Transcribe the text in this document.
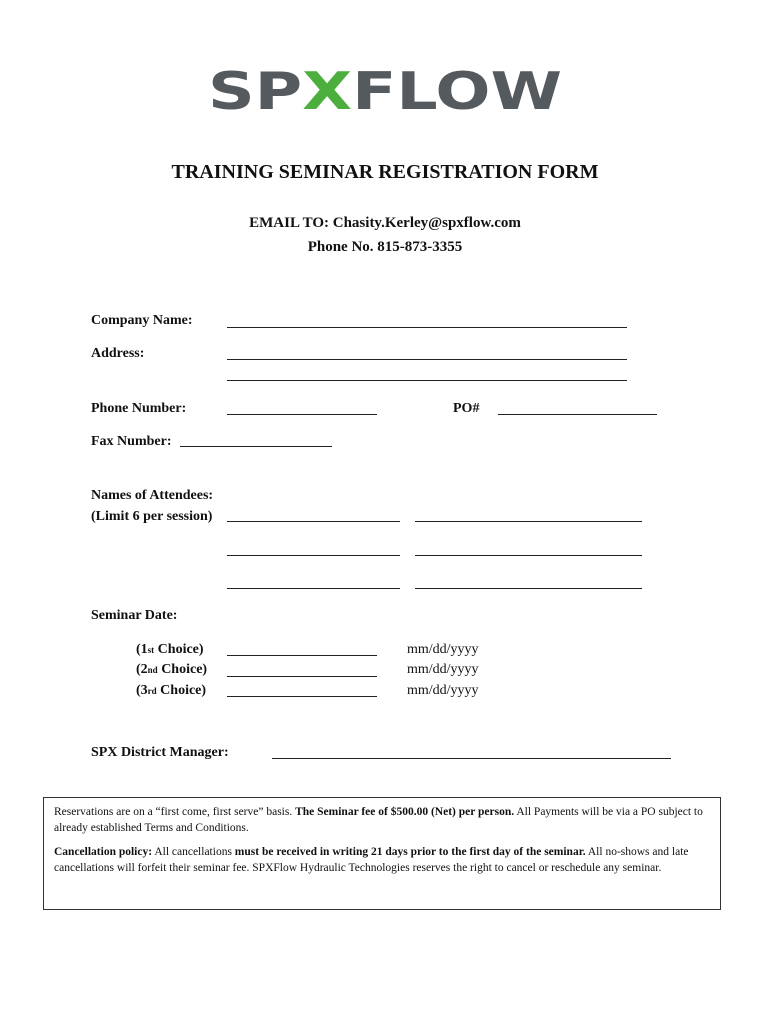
SP X FLOW
TRAINING SEMINAR REGISTRATION FORM
EMAIL TO: Chasity.Kerley@spxflow.com
Phone No. 815-873-3355
Company Name:
Address:
Phone Number:	PO#
Fax Number:
Names of Attendees:
(Limit 6 per session)
Seminar Date:
(1st Choice)	mm/dd/yyyy
(2nd Choice)	mm/dd/yyyy
(3rd Choice)	mm/dd/yyyy
SPX District Manager:

Reservations are on a “first come, first serve” basis. The Seminar fee of $500.00 (Net) per person. All Payments will be via a PO subject to already established Terms and Conditions.

Cancellation policy: All cancellations must be received in writing 21 days prior to the first day of the seminar. All no-shows and late cancellations will forfeit their seminar fee. SPXFlow Hydraulic Technologies reserves the right to cancel or reschedule any seminar.
